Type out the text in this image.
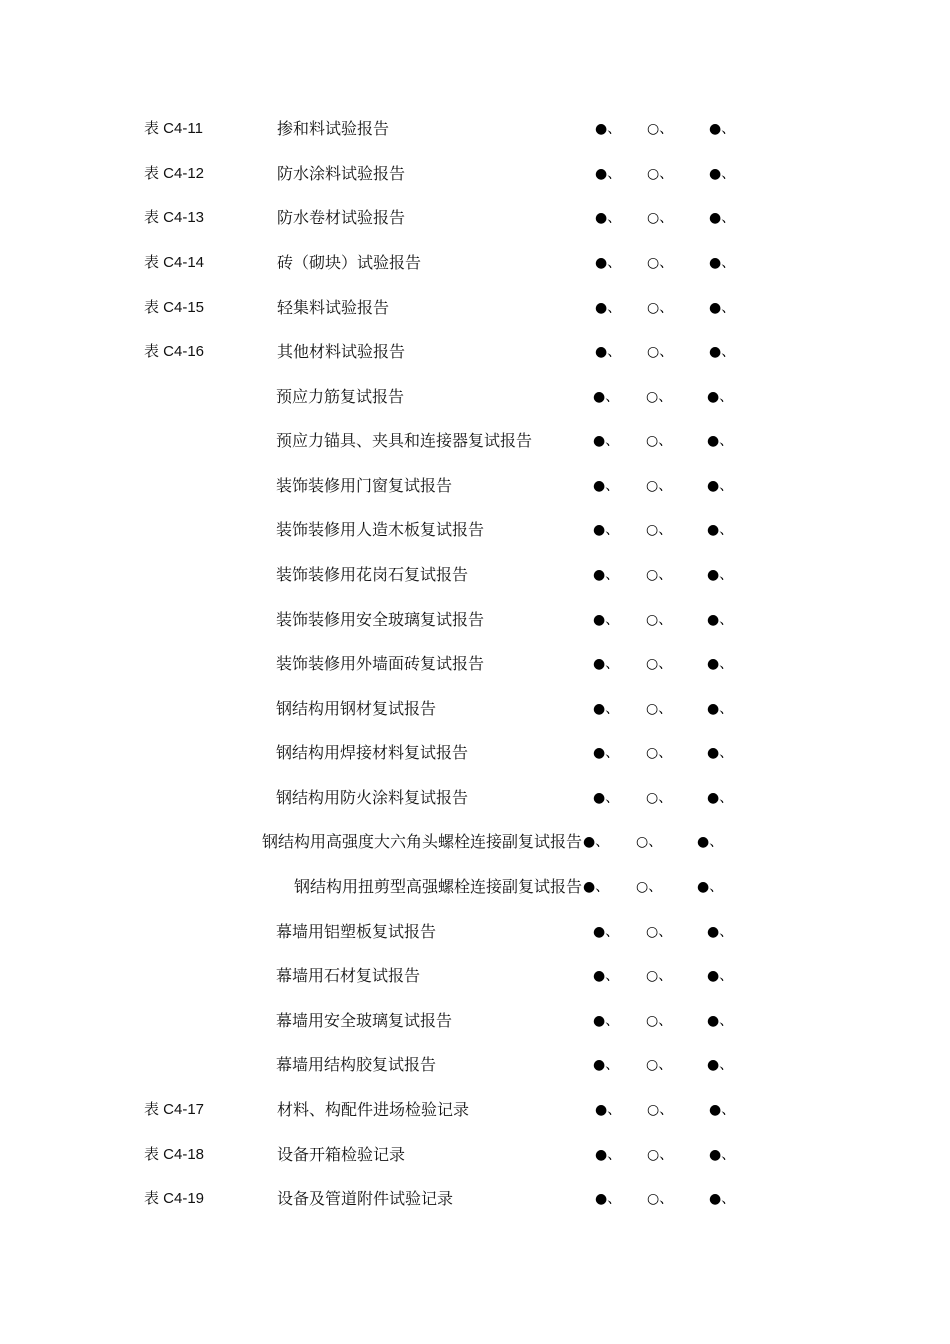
表 C4-11	掺和料试验报告	●、 ○、	●、
表 C4-12	防水涂料试验报告	●、 ○、	●、
表 C4-13	防水卷材试验报告	●、 ○、	●、
表 C4-14	砖（砌块）试验报告	●、 ○、	●、
表 C4-15	轻集料试验报告	●、 ○、	●、
表 C4-16	其他材料试验报告	●、 ○、	●、
预应力筋复试报告	●、 ○、 ●、
预应力锚具、夹具和连接器复试报告	●、 ○、 ●、
装饰装修用门窗复试报告	●、 ○、 ●、
装饰装修用人造木板复试报告	●、 ○、 ●、
装饰装修用花岗石复试报告	●、 ○、 ●、
装饰装修用安全玻璃复试报告	●、 ○、 ●、
装饰装修用外墙面砖复试报告	●、 ○、 ●、
钢结构用钢材复试报告	●、 ○、 ●、
钢结构用焊接材料复试报告	●、 ○、 ●、
钢结构用防火涂料复试报告	●、 ○、 ●、
钢结构用高强度大六角头螺栓连接副复试报告 ●、 ○、 ●、
钢结构用扭剪型高强螺栓连接副复试报告 ●、 ○、 ●、
幕墙用铝塑板复试报告	●、 ○、 ●、
幕墙用石材复试报告	●、 ○、 ●、
幕墙用安全玻璃复试报告	●、 ○、 ●、
幕墙用结构胶复试报告	●、 ○、 ●、
表 C4-17	材料、构配件进场检验记录	●、 ○、	●、
表 C4-18	设备开箱检验记录	●、 ○、	●、
表 C4-19	设备及管道附件试验记录	●、 ○、	●、
